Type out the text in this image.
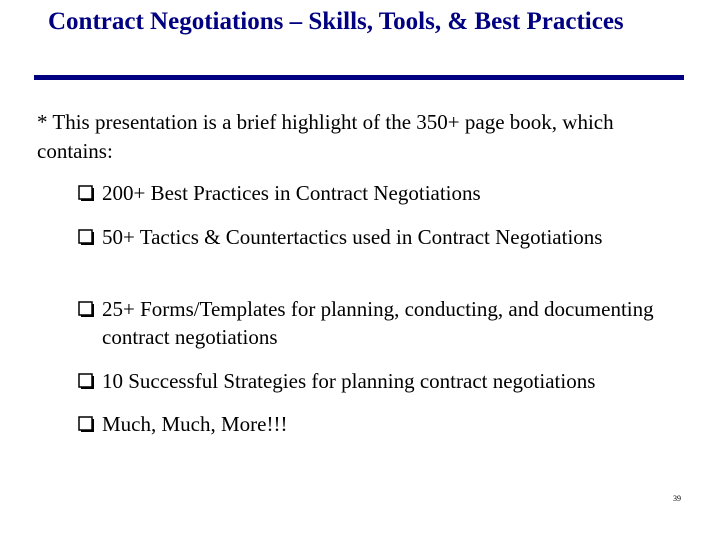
Contract Negotiations – Skills, Tools, & Best Practices

* This presentation is a brief highlight of the 350+ page book, which contains:

200+ Best Practices in Contract Negotiations
50+ Tactics & Countertactics used in Contract Negotiations
25+ Forms/Templates for planning, conducting, and documenting contract negotiations
10 Successful Strategies for planning contract negotiations
Much, Much, More!!!
39
